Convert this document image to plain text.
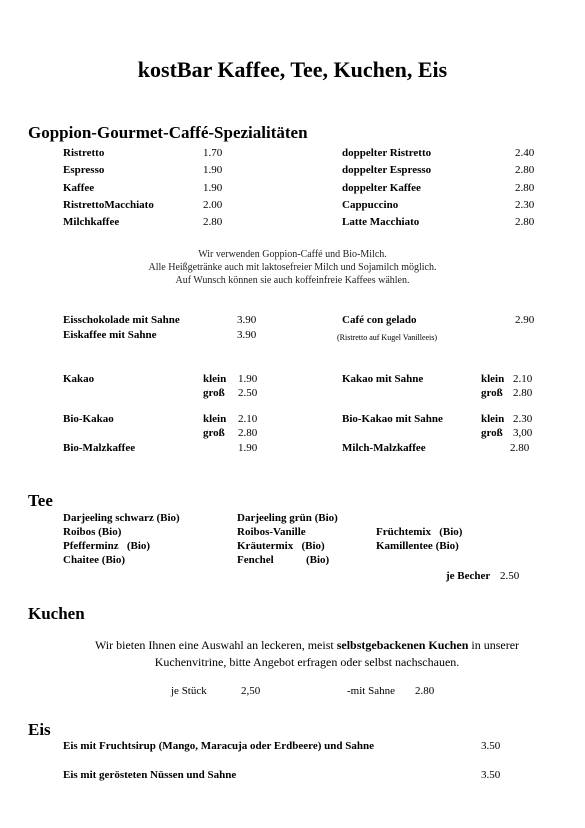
kostBar Kaffee, Tee, Kuchen, Eis
Goppion-Gourmet-Caffé-Spezialitäten
Ristretto	1.70
Espresso	1.90
Kaffee	1.90
RistrettoMacchiato	2.00
Milchkaffee	2.80
doppelter Ristretto	2.40
doppelter Espresso	2.80
doppelter Kaffee	2.80
Cappuccino	2.30
Latte Macchiato	2.80
Wir verwenden Goppion-Caffé und Bio-Milch.
Alle Heißgetränke auch mit laktosefreier Milch und Sojamilch möglich.
Auf Wunsch können sie auch koffeinfreie Kaffees wählen.
Eisschokolade mit Sahne	3.90
Eiskaffee mit Sahne	3.90
Café con gelado	2.90
(Ristretto auf Kugel Vanilleeis)
Kakao	klein 1.90
groß 2.50
Kakao mit Sahne	klein 2.10
groß 2.80
Bio-Kakao	klein 2.10
groß 2.80
Bio-Kakao mit Sahne	klein 2.30
groß 3,00
Bio-Malzkaffee	1.90	Milch-Malzkaffee	2.80
Tee
Darjeeling schwarz (Bio)	Darjeeling grün (Bio)
Roibos (Bio)	Roibos-Vanille	Früchtemix   (Bio)
Pfefferminz   (Bio)	Kräutermix   (Bio)	Kamillentee (Bio)
Chaitee (Bio)	Fenchel	(Bio)
je Becher 2.50
Kuchen
Wir bieten Ihnen eine Auswahl an leckeren, meist selbstgebackenen Kuchen in unserer Kuchenvitrine, bitte Angebot erfragen oder selbst nachschauen.
je Stück	2,50	-mit Sahne 2.80
Eis
Eis mit Fruchtsirup (Mango, Maracuja oder Erdbeere) und Sahne	3.50
Eis mit gerösteten Nüssen und Sahne	3.50
